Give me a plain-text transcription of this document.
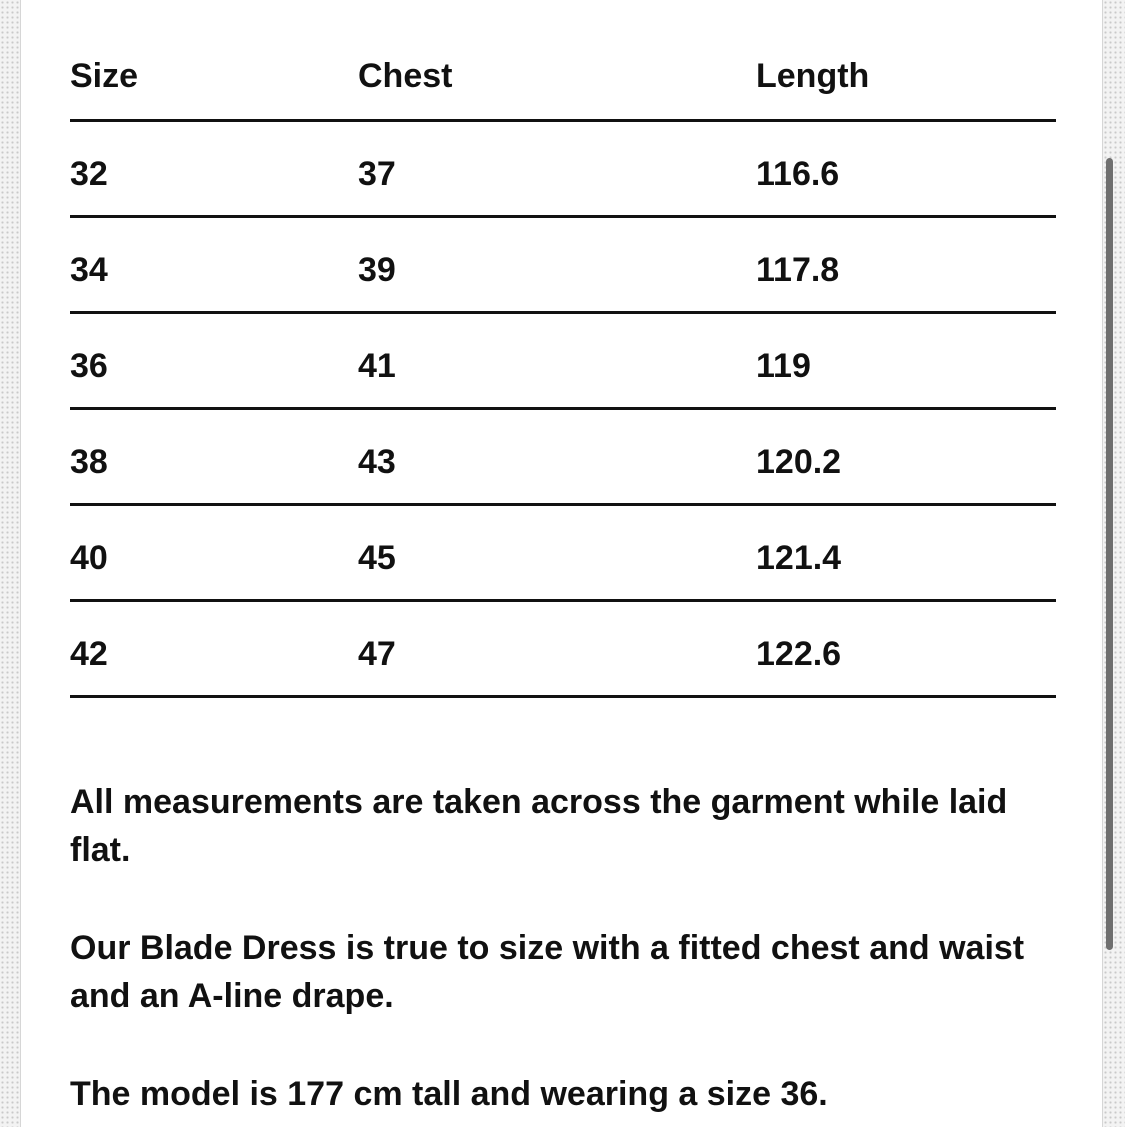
Size	Chest	Length
32	37	116.6
34	39	117.8
36	41	119
38	43	120.2
40	45	121.4
42	47	122.6

All measurements are taken across the garment while laid flat.

Our Blade Dress is true to size with a fitted chest and waist and an A-line drape.

The model is 177 cm tall and wearing a size 36.
